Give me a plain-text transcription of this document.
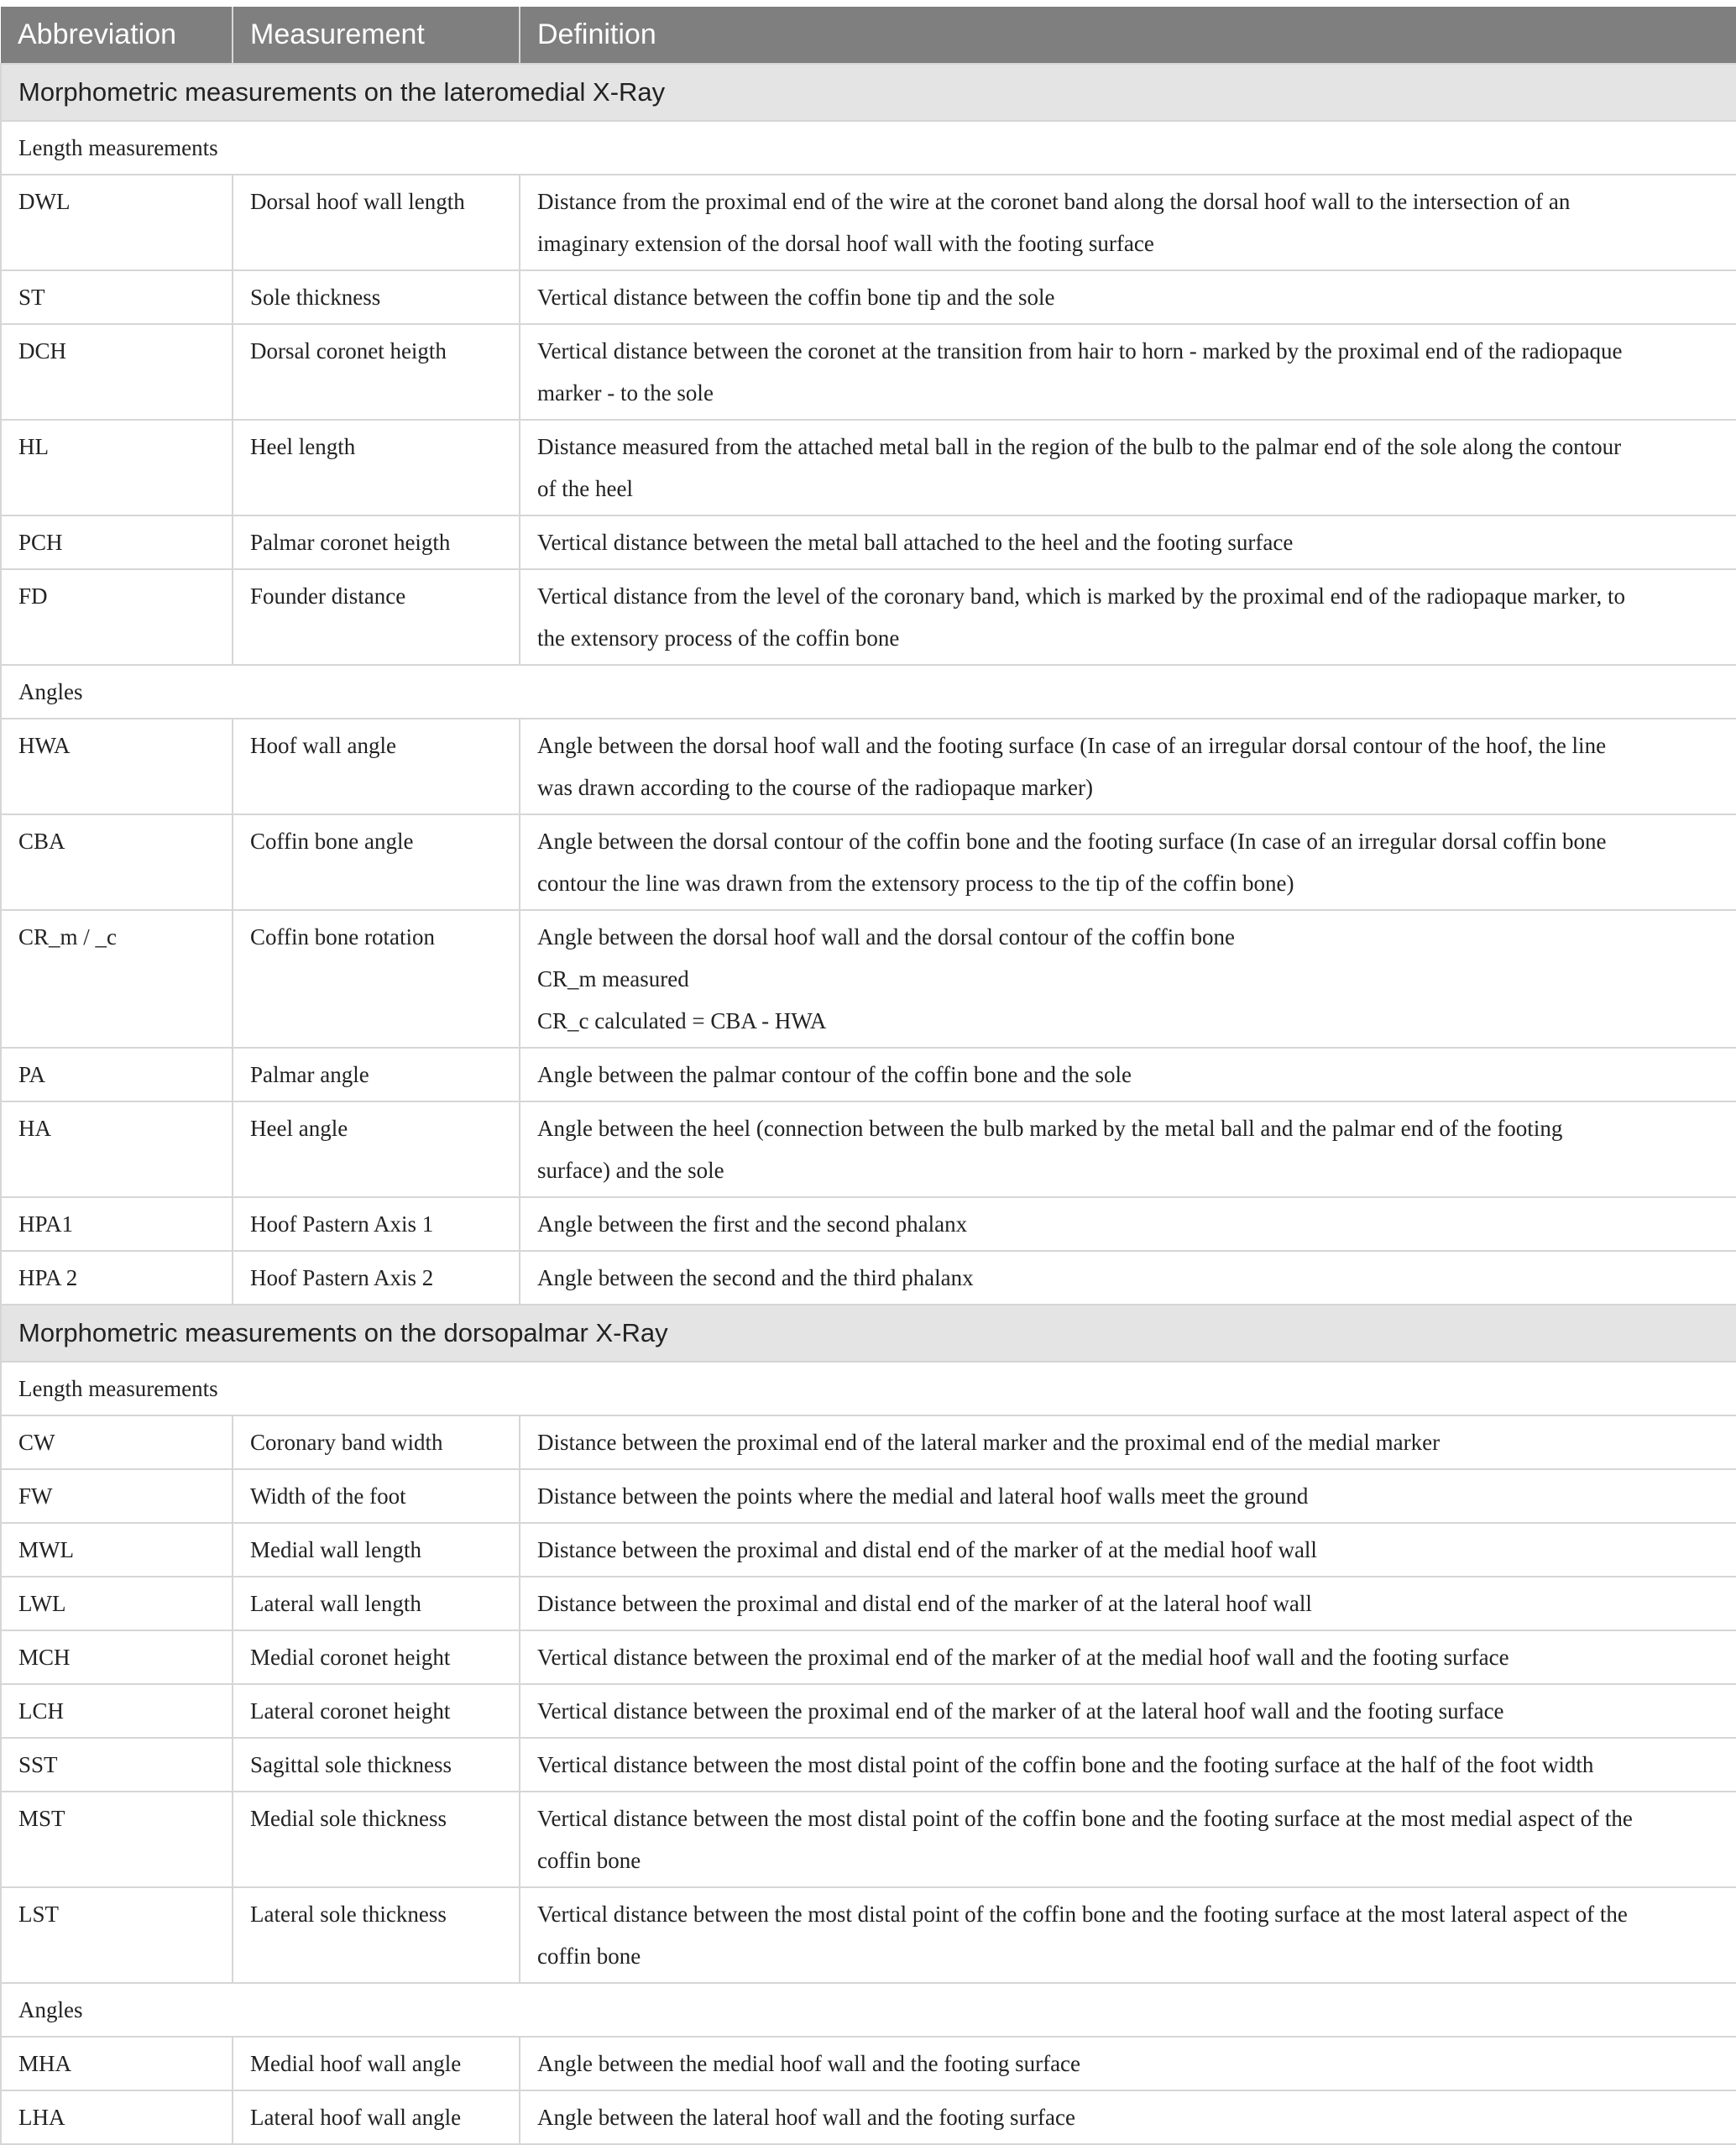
Abbreviation	Measurement	Definition
Morphometric measurements on the lateromedial X-Ray		
Length measurements		
DWL	Dorsal hoof wall length	Distance from the proximal end of the wire at the coronet band along the dorsal hoof wall to the intersection of an
imaginary extension of the dorsal hoof wall with the footing surface

ST	Sole thickness	Vertical distance between the coffin bone tip and the sole

DCH	Dorsal coronet heigth	Vertical distance between the coronet at the transition from hair to horn - marked by the proximal end of the radiopaque
marker - to the sole

HL	Heel length	Distance measured from the attached metal ball in the region of the bulb to the palmar end of the sole along the contour
of the heel

PCH	Palmar coronet heigth	Vertical distance between the metal ball attached to the heel and the footing surface

FD	Founder distance	Vertical distance from the level of the coronary band, which is marked by the proximal end of the radiopaque marker, to
the extensory process of the coffin bone

Angles		
HWA	Hoof wall angle	Angle between the dorsal hoof wall and the footing surface (In case of an irregular dorsal contour of the hoof, the line
was drawn according to the course of the radiopaque marker)

CBA	Coffin bone angle	Angle between the dorsal contour of the coffin bone and the footing surface (In case of an irregular dorsal coffin bone
contour the line was drawn from the extensory process to the tip of the coffin bone)

CR_m / _c	Coffin bone rotation	Angle between the dorsal hoof wall and the dorsal contour of the coffin bone
CR_m measured
CR_c calculated = CBA - HWA

PA	Palmar angle	Angle between the palmar contour of the coffin bone and the sole

HA	Heel angle	Angle between the heel (connection between the bulb marked by the metal ball and the palmar end of the footing
surface) and the sole

HPA1	Hoof Pastern Axis 1	Angle between the first and the second phalanx

HPA 2	Hoof Pastern Axis 2	Angle between the second and the third phalanx

Morphometric measurements on the dorsopalmar X-Ray		
Length measurements		
CW	Coronary band width	Distance between the proximal end of the lateral marker and the proximal end of the medial marker

FW	Width of the foot	Distance between the points where the medial and lateral hoof walls meet the ground

MWL	Medial wall length	Distance between the proximal and distal end of the marker of at the medial hoof wall

LWL	Lateral wall length	Distance between the proximal and distal end of the marker of at the lateral hoof wall

MCH	Medial coronet height	Vertical distance between the proximal end of the marker of at the medial hoof wall and the footing surface

LCH	Lateral coronet height	Vertical distance between the proximal end of the marker of at the lateral hoof wall and the footing surface

SST	Sagittal sole thickness	Vertical distance between the most distal point of the coffin bone and the footing surface at the half of the foot width

MST	Medial sole thickness	Vertical distance between the most distal point of the coffin bone and the footing surface at the most medial aspect of the
coffin bone

LST	Lateral sole thickness	Vertical distance between the most distal point of the coffin bone and the footing surface at the most lateral aspect of the
coffin bone

Angles		
MHA	Medial hoof wall angle	Angle between the medial hoof wall and the footing surface

LHA	Lateral hoof wall angle	Angle between the lateral hoof wall and the footing surface
